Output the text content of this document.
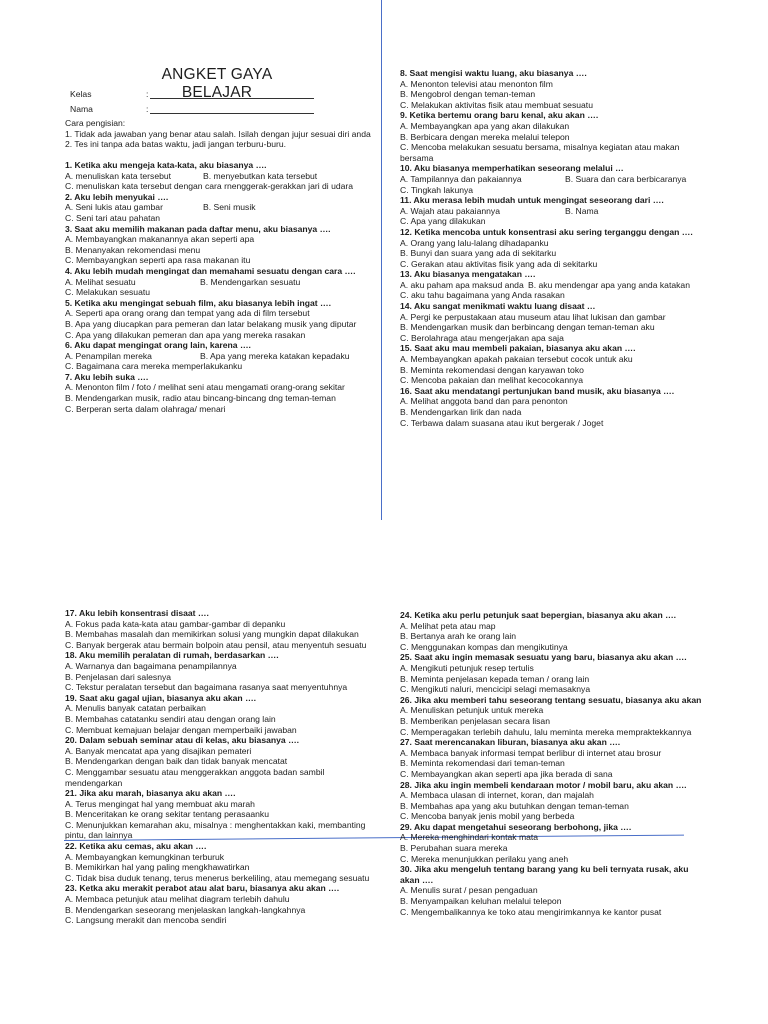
ANGKET GAYA BELAJAR
Kelas	:
Nama	:

Cara pengisian:

1. Tidak ada jawaban yang benar atau salah. Isilah dengan jujur sesuai diri anda

2. Tes ini tanpa ada batas waktu, jadi jangan terburu-buru.

1. Ketika aku mengeja kata-kata, aku biasanya ….

A. menuliskan kata tersebut	B. menyebutkan kata tersebut

C. menuliskan kata tersebut dengan cara rnenggerak-gerakkan jari di udara

2. Aku lebih menyukai ….

A. Seni lukis atau gambar	B. Seni musik

C. Seni tari atau pahatan

3. Saat aku memilih makanan pada daftar menu, aku biasanya ….

A. Membayangkan makanannya akan seperti apa

B. Menanyakan rekomendasi menu

C. Membayangkan seperti apa rasa makanan itu

4. Aku lebih mudah mengingat dan memahami sesuatu dengan cara ….

A. Melihat sesuatu	B. Mendengarkan sesuatu

C. Melakukan sesuatu

5. Ketika aku mengingat sebuah film, aku biasanya lebih ingat ….

A. Seperti apa orang orang dan tempat yang ada di film tersebut

B. Apa yang diucapkan para pemeran dan latar belakang musik yang diputar

C. Apa yang dilakukan pemeran dan apa yang mereka rasakan

6. Aku dapat mengingat orang lain, karena ….

A. Penampilan mereka	B. Apa yang mereka katakan kepadaku

C. Bagaimana cara mereka memperlakukanku

7. Aku lebih suka ….

A. Menonton film / foto / melihat seni atau mengamati orang-orang sekitar

B. Mendengarkan musik, radio atau bincang-bincang dng teman-teman

C. Berperan serta dalam olahraga/ menari

8. Saat mengisi waktu luang, aku biasanya ….

A. Menonton televisi atau menonton film

B. Mengobrol dengan teman-teman

C. Melakukan aktivitas fisik atau membuat sesuatu

9. Ketika bertemu orang baru kenal, aku akan ….

A. Membayangkan apa yang akan dilakukan

B. Berbicara dengan mereka melalui telepon

C. Mencoba melakukan sesuatu bersama, misalnya kegiatan atau makan bersama

10. Aku biasanya memperhatikan seseorang melalui …

A. Tampilannya dan pakaiannya	B. Suara dan cara berbicaranya

C. Tingkah lakunya

11. Aku merasa lebih mudah untuk mengingat seseorang dari ….

A. Wajah atau pakaiannya	B. Nama

C. Apa yang dilakukan

12. Ketika mencoba untuk konsentrasi aku sering terganggu dengan ….

A. Orang yang lalu-lalang dihadapanku

B. Bunyi dan suara yang ada di sekitarku

C. Gerakan atau aktivitas fisik yang ada di sekitarku

13. Aku biasanya mengatakan ….

A. aku paham apa maksud anda B. aku mendengar apa yang anda katakan

C. aku tahu bagaimana yang Anda rasakan

14. Aku sangat menikmati waktu luang disaat …

A. Pergi ke perpustakaan atau museum atau lihat lukisan dan gambar

B. Mendengarkan musik dan berbincang dengan teman-teman aku

C. Berolahraga atau mengerjakan apa saja

15. Saat aku mau membeli pakaian, biasanya aku akan ….

A. Membayangkan apakah pakaian tersebut cocok untuk aku

B. Meminta rekomendasi dengan karyawan toko

C. Mencoba pakaian dan melihat kecocokannya

16. Saat aku mendatangi pertunjukan band musik, aku biasanya ….

A. Melihat anggota band dan para penonton

B. Mendengarkan lirik dan nada

C. Terbawa dalam suasana atau ikut bergerak / Joget

17. Aku lebih konsentrasi disaat ….

A. Fokus pada kata-kata atau gambar-gambar di depanku

B. Membahas masalah dan memikirkan solusi yang mungkin dapat dilakukan

C. Banyak bergerak atau bermain bolpoin atau pensil, atau menyentuh sesuatu

18. Aku memilih peralatan di rumah, berdasarkan ….

A. Warnanya dan bagaimana penampilannya

B. Penjelasan dari salesnya

C. Tekstur peralatan tersebut dan bagaimana rasanya saat menyentuhnya

19. Saat aku gagal ujian, biasanya aku akan ….

A. Menulis banyak catatan perbaikan

B. Membahas catatanku sendiri atau dengan orang lain

C. Membuat kemajuan belajar dengan memperbaiki jawaban

20. Dalam sebuah seminar atau di kelas, aku biasanya ….

A. Banyak mencatat apa yang disajikan pemateri

B. Mendengarkan dengan baik dan tidak banyak mencatat

C. Menggambar sesuatu atau menggerakkan anggota badan sambil mendengarkan

21. Jika aku marah, biasanya aku akan ….

A. Terus mengingat hal yang membuat aku marah

B. Menceritakan ke orang sekitar tentang perasaanku

C. Menunjukkan kemarahan aku, misalnya : menghentakkan kaki, membanting pintu, dan lainnya

22. Ketika aku cemas, aku akan ….

A. Membayangkan kemungkinan terburuk

B. Memikirkan hal yang paling mengkhawatirkan

C. Tidak bisa duduk tenang, terus menerus berkeliling, atau memegang sesuatu

23. Ketka aku merakit perabot atau alat baru, biasanya aku akan ….

A. Membaca petunjuk atau melihat diagram terlebih dahulu

B. Mendengarkan seseorang menjelaskan langkah-langkahnya

C. Langsung merakit dan mencoba sendiri

24. Ketika aku perlu petunjuk saat bepergian, biasanya aku akan ….

A. Melihat peta atau map

B. Bertanya arah ke orang lain

C. Menggunakan kompas dan mengikutinya

25. Saat aku ingin memasak sesuatu yang baru, biasanya aku akan ….

A. Mengikuti petunjuk resep tertulis

B. Meminta penjelasan kepada teman / orang lain

C. Mengikuti naluri, mencicipi selagi memasaknya

26. Jika aku memberi tahu seseorang tentang sesuatu, biasanya aku akan

A. Menuliskan petunjuk untuk mereka

B. Memberikan penjelasan secara lisan

C. Memperagakan terlebih dahulu, lalu meminta mereka mempraktekkannya

27. Saat merencanakan liburan, biasanya aku akan ….

A. Membaca banyak informasi tempat berlibur di internet atau brosur

B. Meminta rekomendasi dari teman-teman

C. Membayangkan akan seperti apa jika berada di sana

28. Jika aku ingin membeli kendaraan motor / mobil baru, aku akan ….

A. Membaca ulasan di internet, koran, dan majalah

B. Membahas apa yang aku butuhkan dengan teman-teman

C. Mencoba banyak jenis mobil yang berbeda

29. Aku dapat mengetahui seseorang berbohong, jika ….

A. Mereka menghindari kontak mata

B. Perubahan suara mereka

C. Mereka menunjukkan perilaku yang aneh

30. Jika aku mengeluh tentang barang yang ku beli ternyata rusak, aku akan ….

A. Menulis surat / pesan pengaduan

B. Menyampaikan keluhan melalui telepon

C. Mengembalikannya ke toko atau mengirimkannya ke kantor pusat
